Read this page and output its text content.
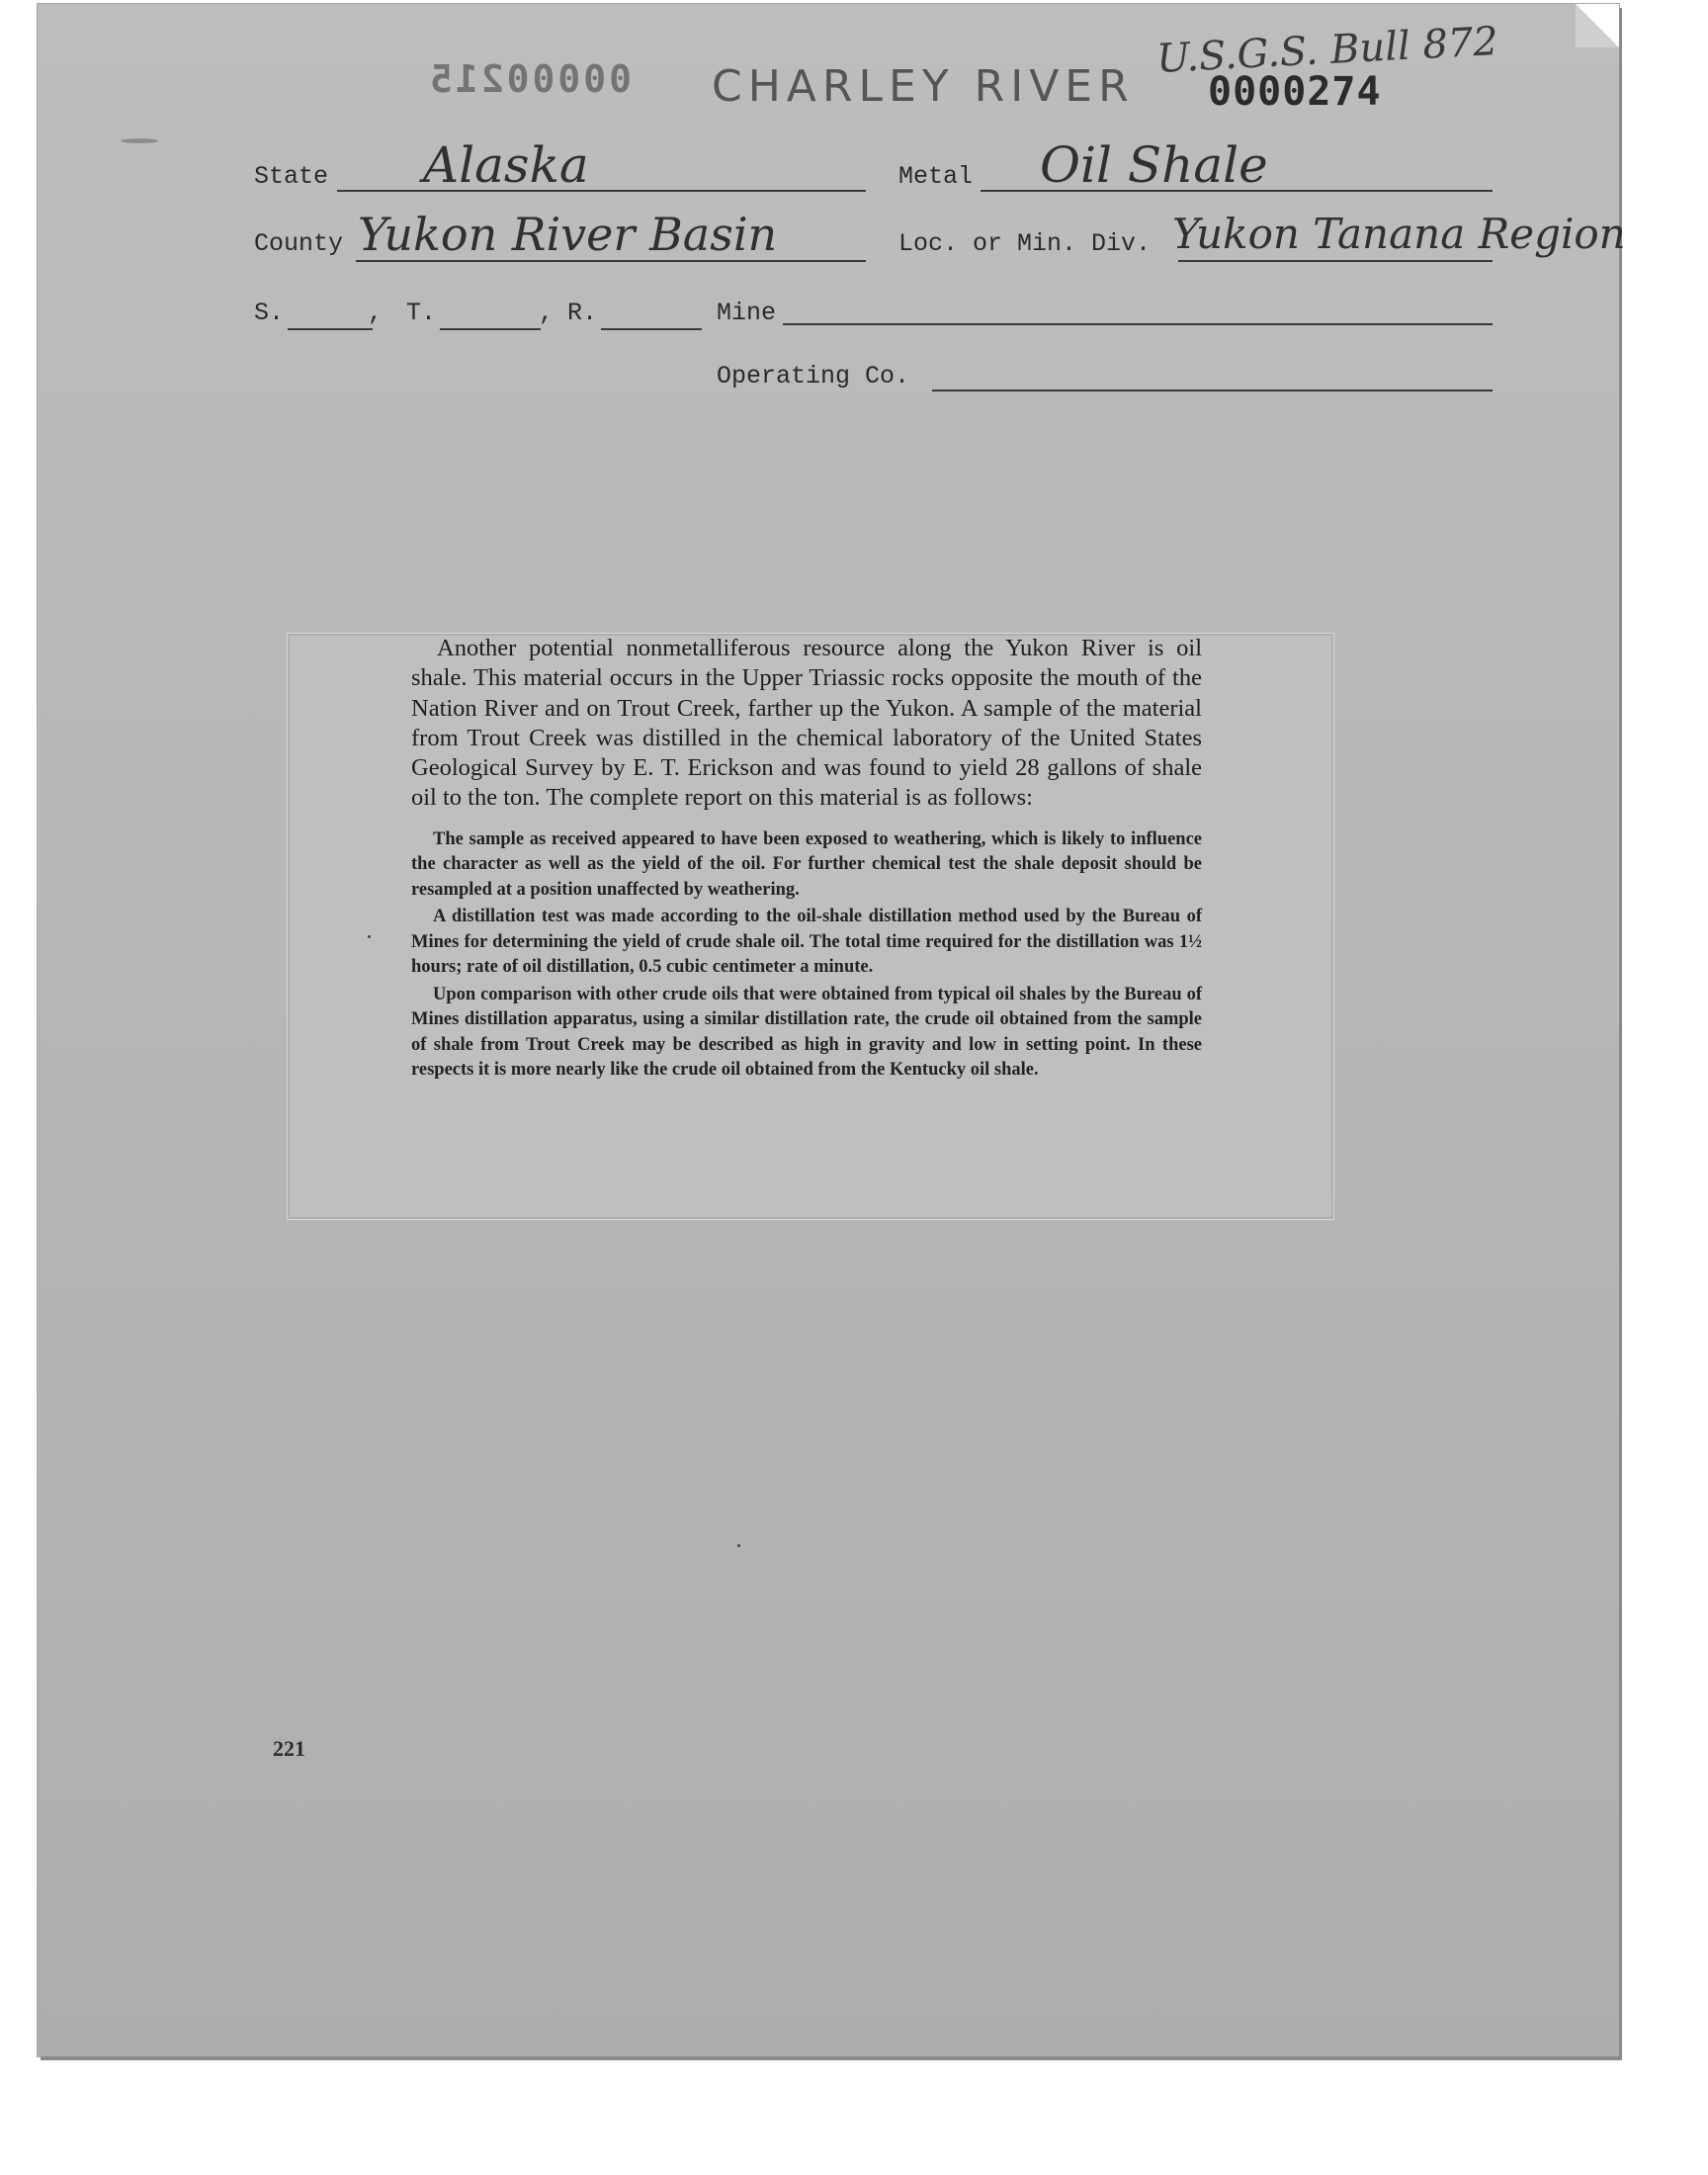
00000215 CHARLEY RIVER 0000274
U.S.G.S. Bull 872
State Alaska	Metal Oil Shale
County Yukon River Basin	Loc. or Min. Div. Yukon Tanana Region
S.	, T.	, R.	Mine
Operating Co.

Another potential nonmetalliferous resource along the Yukon River is oil shale. This material occurs in the Upper Triassic rocks opposite the mouth of the Nation River and on Trout Creek, farther up the Yukon. A sample of the material from Trout Creek was distilled in the chemical laboratory of the United States Geological Survey by E. T. Erickson and was found to yield 28 gallons of shale oil to the ton. The complete report on this material is as follows:

The sample as received appeared to have been exposed to weathering, which is likely to influence the character as well as the yield of the oil. For further chemical test the shale deposit should be resampled at a position unaffected by weathering.

A distillation test was made according to the oil-shale distillation method used by the Bureau of Mines for determining the yield of crude shale oil. The total time required for the distillation was 1½ hours; rate of oil distillation, 0.5 cubic centimeter a minute.

Upon comparison with other crude oils that were obtained from typical oil shales by the Bureau of Mines distillation apparatus, using a similar distillation rate, the crude oil obtained from the sample of shale from Trout Creek may be described as high in gravity and low in setting point. In these respects it is more nearly like the crude oil obtained from the Kentucky oil shale.

221
